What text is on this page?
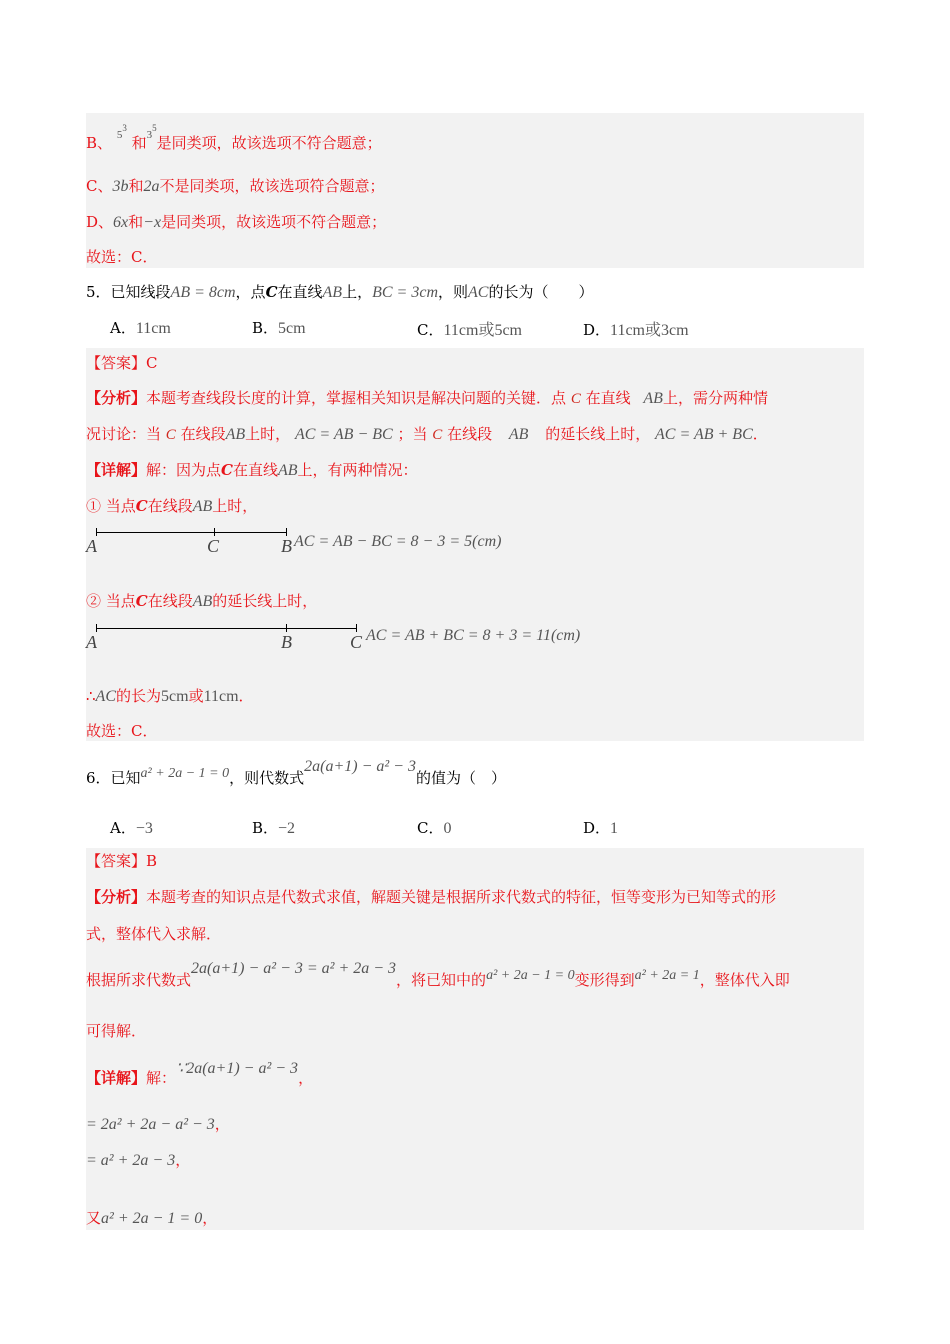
B、 $^{5^3}$ 和$^{3^5}$是同类项，故该选项不符合题意；
C、3b和2a不是同类项，故该选项符合题意；
D、6x和−x是同类项，故该选项不符合题意；
故选：C．
5．已知线段AB = 8cm，点C在直线AB上，BC = 3cm，则AC的长为（　　）
A．11cm	B．5cm	C．11cm或5cm	D．11cm或3cm
【答案】C
【分析】本题考查线段长度的计算，掌握相关知识是解决问题的关键．点 C 在直线 AB上，需分两种情
况讨论：当 C 在线段AB上时， AC = AB − BC ；当 C 在线段 AB 的延长线上时， AC = AB + BC．
【详解】解：因为点C在直线AB上，有两种情况：
① 当点C在线段AB上时，
A	C	B AC = AB − BC = 8 − 3 = 5(cm)
② 当点C在线段AB的延长线上时，
A	B	C AC = AB + BC = 8 + 3 = 11(cm)
∴AC的长为5cm或11cm．
故选：C．
6．已知a² + 2a − 1 = 0，则代数式2a(a+1) − a² − 3的值为（　）
A．−3	B．−2	C．0	D．1
【答案】B
【分析】本题考查的知识点是代数式求值，解题关键是根据所求代数式的特征，恒等变形为已知等式的形
式，整体代入求解．
根据所求代数式2a(a+1) − a² − 3 = a² + 2a − 3，将已知中的a² + 2a − 1 = 0变形得到a² + 2a = 1，整体代入即
可得解．
【详解】解：∵2a(a+1) − a² − 3，
= 2a² + 2a − a² − 3，
= a² + 2a − 3，
又a² + 2a − 1 = 0，
